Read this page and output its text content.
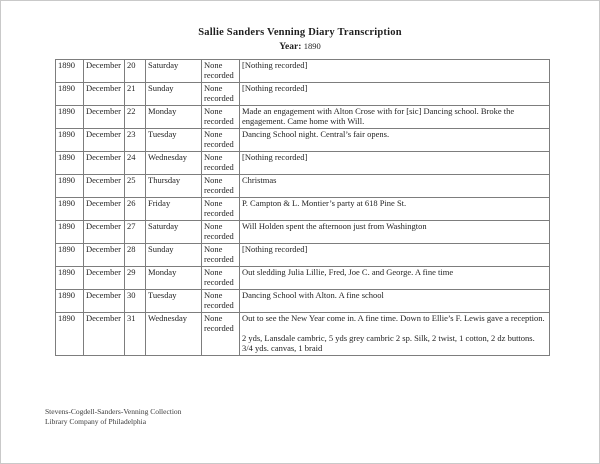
Sallie Sanders Venning Diary Transcription
Year: 1890
1890	December	20	Saturday	None recorded	[Nothing recorded]
1890	December	21	Sunday	None recorded	[Nothing recorded]
1890	December	22	Monday	None recorded	Made an engagement with Alton Crose with for [sic] Dancing school. Broke the engagement. Came home with Will.
1890	December	23	Tuesday	None recorded	Dancing School night. Central’s fair opens.
1890	December	24	Wednesday	None recorded	[Nothing recorded]
1890	December	25	Thursday	None recorded	Christmas
1890	December	26	Friday	None recorded	P. Campton & L. Montier’s party at 618 Pine St.
1890	December	27	Saturday	None recorded	Will Holden spent the afternoon just from Washington
1890	December	28	Sunday	None recorded	[Nothing recorded]
1890	December	29	Monday	None recorded	Out sledding Julia Lillie, Fred, Joe C. and George. A fine time
1890	December	30	Tuesday	None recorded	Dancing School with Alton. A fine school
1890	December	31	Wednesday	None recorded	Out to see the New Year come in. A fine time. Down to Ellie’s F. Lewis gave a reception.
2 yds, Lansdale cambric, 5 yds grey cambric 2 sp. Silk, 2 twist, 1 cotton, 2 dz buttons. 3/4 yds. canvas, 1 braid
Stevens-Cogdell-Sanders-Venning Collection
Library Company of Philadelphia
